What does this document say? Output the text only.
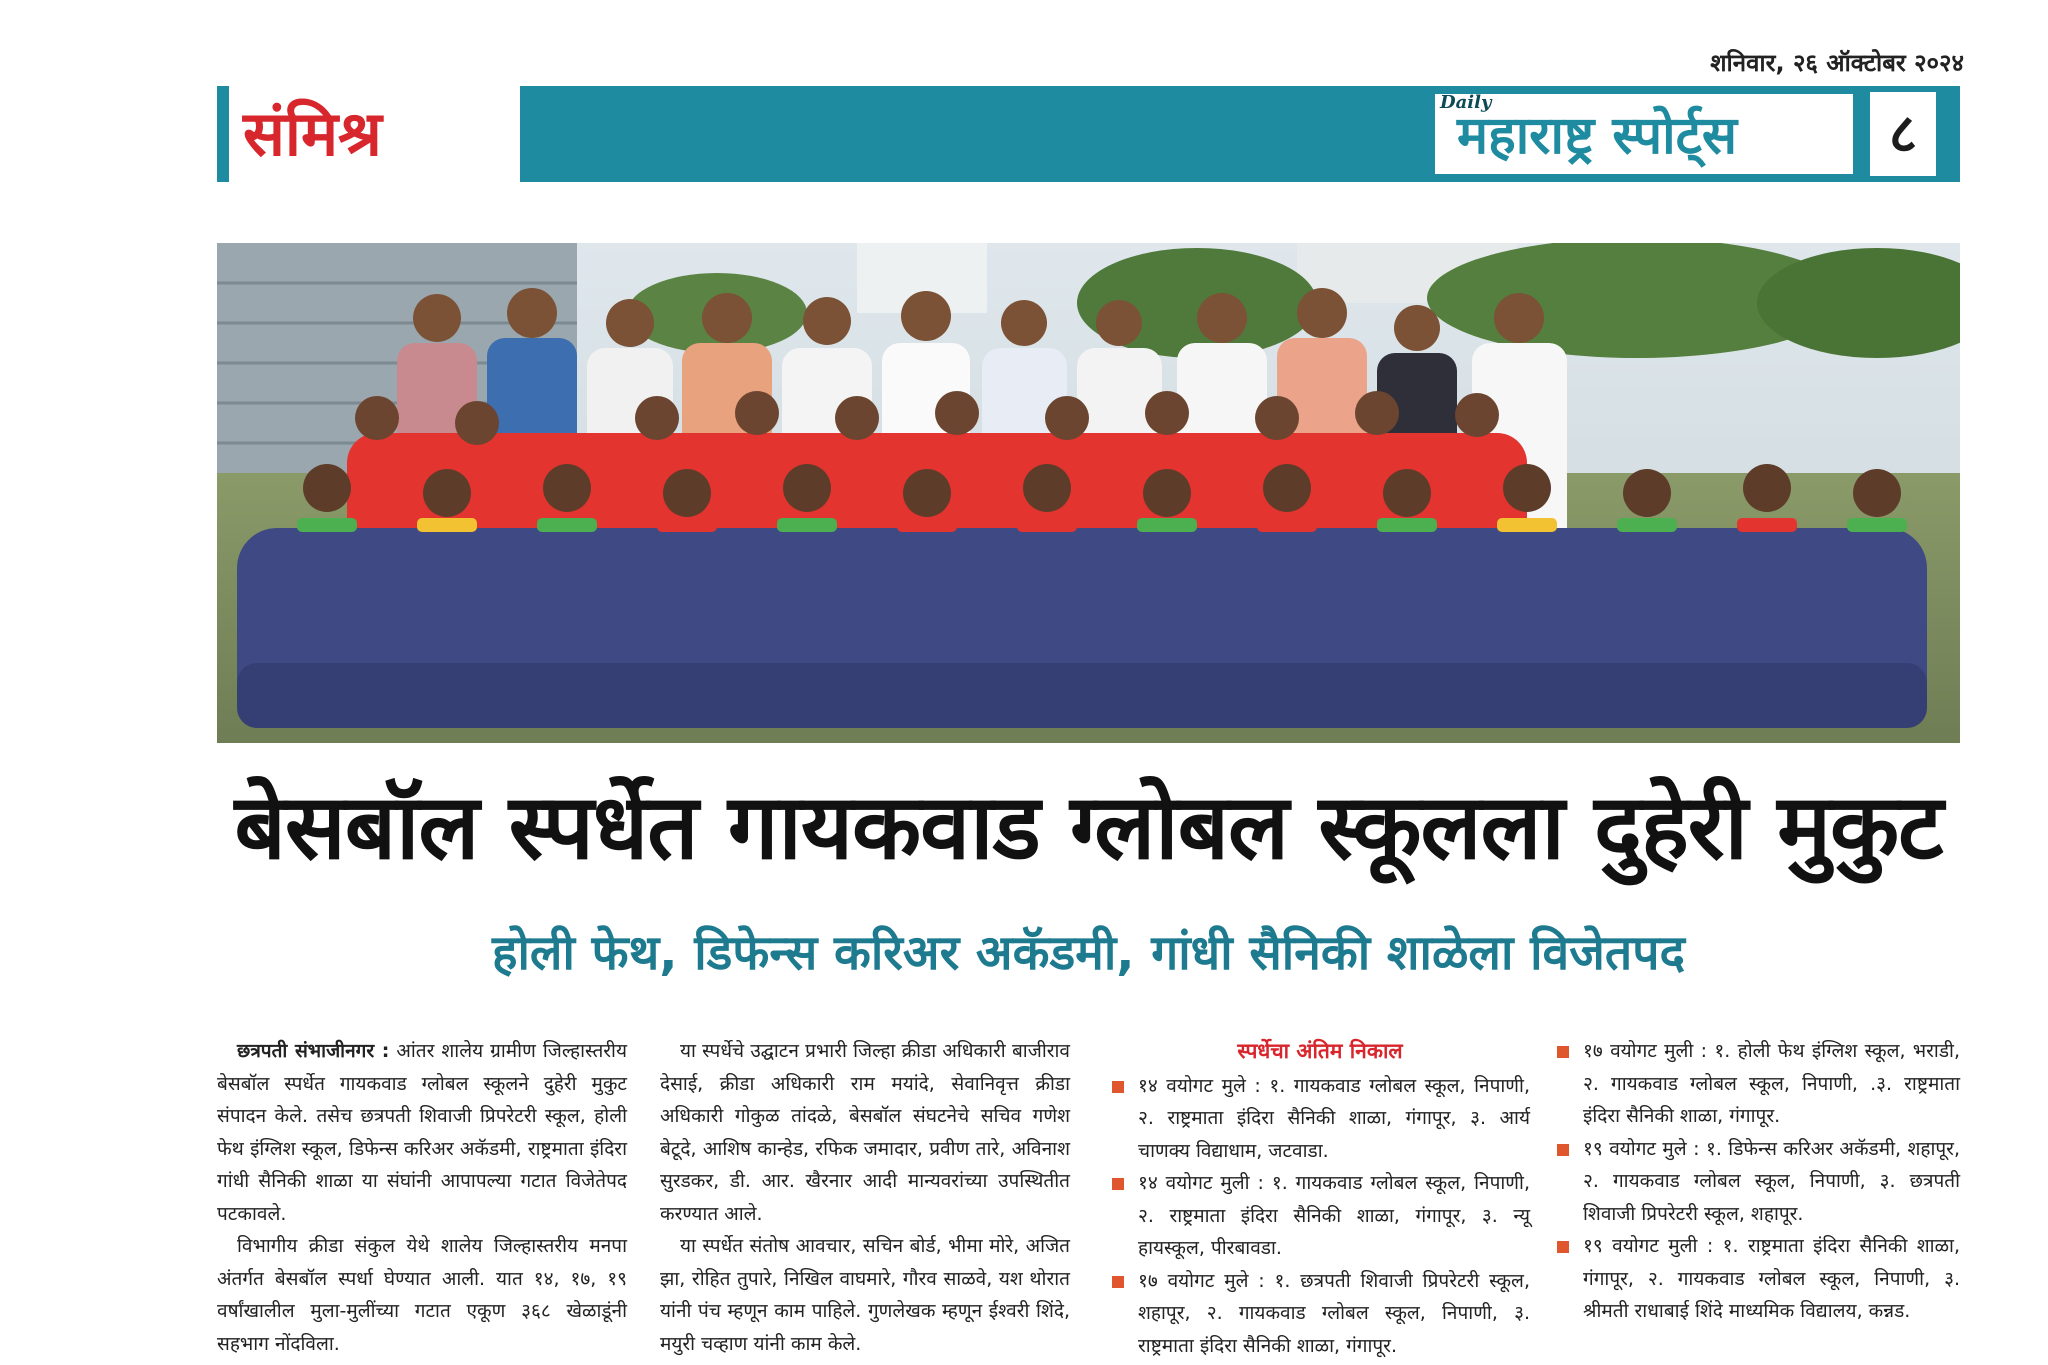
शनिवार, २६ ऑक्टोबर २०२४
संमिश्र	Daily
महाराष्ट्र स्पोर्ट्स	८
बेसबॉल स्पर्धेत गायकवाड ग्लोबल स्कूलला दुहेरी मुकुट
होली फेथ, डिफेन्स करिअर अकॅडमी, गांधी सैनिकी शाळेला विजेतपद

छत्रपती संभाजीनगर : आंतर शालेय ग्रामीण जिल्हास्तरीय बेसबॉल स्पर्धेत गायकवाड ग्लोबल स्कूलने दुहेरी मुकुट संपादन केले. तसेच छत्रपती शिवाजी प्रिपरेटरी स्कूल, होली फेथ इंग्लिश स्कूल, डिफेन्स करिअर अकॅडमी, राष्ट्रमाता इंदिरा गांधी सैनिकी शाळा या संघांनी आपापल्या गटात विजेतेपद पटकावले.

विभागीय क्रीडा संकुल येथे शालेय जिल्हास्तरीय मनपा अंतर्गत बेसबॉल स्पर्धा घेण्यात आली. यात १४, १७, १९ वर्षांखालील मुला-मुलींच्या गटात एकूण ३६८ खेळाडूंनी सहभाग नोंदविला.

या स्पर्धेचे उद्घाटन प्रभारी जिल्हा क्रीडा अधिकारी बाजीराव देसाई, क्रीडा अधिकारी राम मयांदे, सेवानिवृत्त क्रीडा अधिकारी गोकुळ तांदळे, बेसबॉल संघटनेचे सचिव गणेश बेटूदे, आशिष कान्हेड, रफिक जमादार, प्रवीण तारे, अविनाश सुरडकर, डी. आर. खैरनार आदी मान्यवरांच्या उपस्थितीत करण्यात आले.

या स्पर्धेत संतोष आवचार, सचिन बोर्ड, भीमा मोरे, अजित झा, रोहित तुपारे, निखिल वाघमारे, गौरव साळवे, यश थोरात यांनी पंच म्हणून काम पाहिले. गुणलेखक म्हणून ईश्वरी शिंदे, मयुरी चव्हाण यांनी काम केले.

स्पर्धेचा अंतिम निकाल
१४ वयोगट मुले : १. गायकवाड ग्लोबल स्कूल, निपाणी, २. राष्ट्रमाता इंदिरा सैनिकी शाळा, गंगापूर, ३. आर्य चाणक्य विद्याधाम, जटवाडा.
१४ वयोगट मुली : १. गायकवाड ग्लोबल स्कूल, निपाणी, २. राष्ट्रमाता इंदिरा सैनिकी शाळा, गंगापूर, ३. न्यू हायस्कूल, पीरबावडा.
१७ वयोगट मुले : १. छत्रपती शिवाजी प्रिपरेटरी स्कूल, शहापूर, २. गायकवाड ग्लोबल स्कूल, निपाणी, ३. राष्ट्रमाता इंदिरा सैनिकी शाळा, गंगापूर.
१७ वयोगट मुली : १. होली फेथ इंग्लिश स्कूल, भराडी, २. गायकवाड ग्लोबल स्कूल, निपाणी, .३. राष्ट्रमाता इंदिरा सैनिकी शाळा, गंगापूर.
१९ वयोगट मुले : १. डिफेन्स करिअर अकॅडमी, शहापूर, २. गायकवाड ग्लोबल स्कूल, निपाणी, ३. छत्रपती शिवाजी प्रिपरेटरी स्कूल, शहापूर.
१९ वयोगट मुली : १. राष्ट्रमाता इंदिरा सैनिकी शाळा, गंगापूर, २. गायकवाड ग्लोबल स्कूल, निपाणी, ३. श्रीमती राधाबाई शिंदे माध्यमिक विद्यालय, कन्नड.
